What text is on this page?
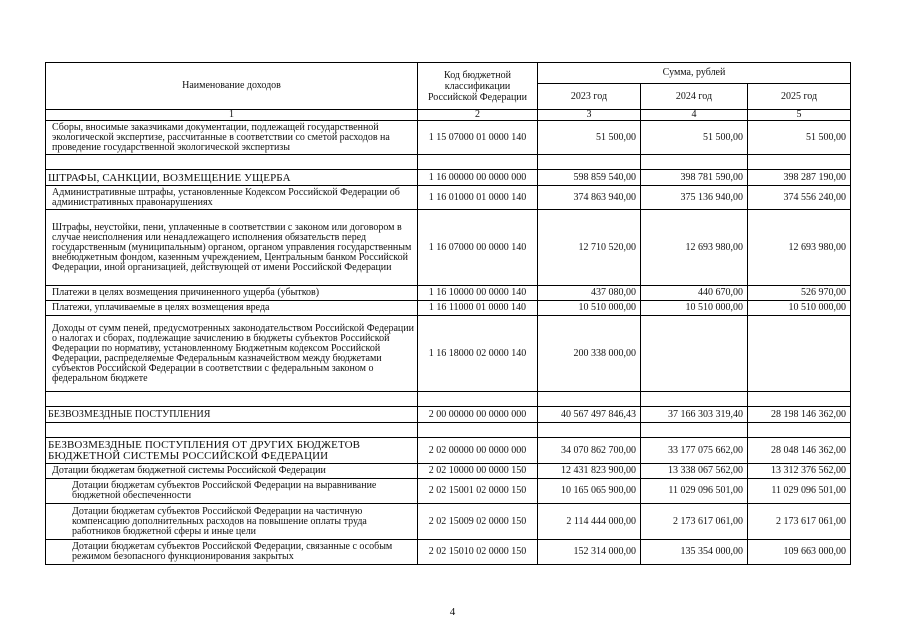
Наименование доходов	Код бюджетной классификации Российской Федерации	Сумма, рублей		
		2023 год	2024 год	2025 год
1	2	3	4	5
Сборы, вносимые заказчиками документации, подлежащей государственной экологической экспертизе, рассчитанные в соответствии со сметой расходов на проведение государственной экологической экспертизы	1 15 07000 01 0000 140	51 500,00	51 500,00	51 500,00

ШТРАФЫ, САНКЦИИ, ВОЗМЕЩЕНИЕ УЩЕРБА	1 16 00000 00 0000 000	598 859 540,00	398 781 590,00	398 287 190,00
Административные штрафы, установленные Кодексом Российской Федерации об административных правонарушениях	1 16 01000 01 0000 140	374 863 940,00	375 136 940,00	374 556 240,00
Штрафы, неустойки, пени, уплаченные в соответствии с законом или договором в случае неисполнения или ненадлежащего исполнения обязательств перед государственным (муниципальным) органом, органом управления государственным внебюджетным фондом, казенным учреждением, Центральным банком Российской Федерации, иной организацией, действующей от имени Российской Федерации	1 16 07000 00 0000 140	12 710 520,00	12 693 980,00	12 693 980,00
Платежи в целях возмещения причиненного ущерба (убытков)	1 16 10000 00 0000 140	437 080,00	440 670,00	526 970,00
Платежи, уплачиваемые в целях возмещения вреда	1 16 11000 01 0000 140	10 510 000,00	10 510 000,00	10 510 000,00
Доходы от сумм пеней, предусмотренных законодательством Российской Федерации о налогах и сборах, подлежащие зачислению в бюджеты субъектов Российской Федерации по нормативу, установленному Бюджетным кодексом Российской Федерации, распределяемые Федеральным казначейством между бюджетами субъектов Российской Федерации в соответствии с федеральным законом о федеральном бюджете	1 16 18000 02 0000 140	200 338 000,00		

БЕЗВОЗМЕЗДНЫЕ ПОСТУПЛЕНИЯ	2 00 00000 00 0000 000	40 567 497 846,43	37 166 303 319,40	28 198 146 362,00

БЕЗВОЗМЕЗДНЫЕ ПОСТУПЛЕНИЯ ОТ ДРУГИХ БЮДЖЕТОВ БЮДЖЕТНОЙ СИСТЕМЫ РОССИЙСКОЙ ФЕДЕРАЦИИ	2 02 00000 00 0000 000	34 070 862 700,00	33 177 075 662,00	28 048 146 362,00
Дотации бюджетам бюджетной системы Российской Федерации	2 02 10000 00 0000 150	12 431 823 900,00	13 338 067 562,00	13 312 376 562,00
Дотации бюджетам субъектов Российской Федерации на выравнивание бюджетной обеспеченности	2 02 15001 02 0000 150	10 165 065 900,00	11 029 096 501,00	11 029 096 501,00
Дотации бюджетам субъектов Российской Федерации на частичную компенсацию дополнительных расходов на повышение оплаты труда работников бюджетной сферы и иные цели	2 02 15009 02 0000 150	2 114 444 000,00	2 173 617 061,00	2 173 617 061,00
Дотации бюджетам субъектов Российской Федерации, связанные с особым режимом безопасного функционирования закрытых	2 02 15010 02 0000 150	152 314 000,00	135 354 000,00	109 663 000,00
4
